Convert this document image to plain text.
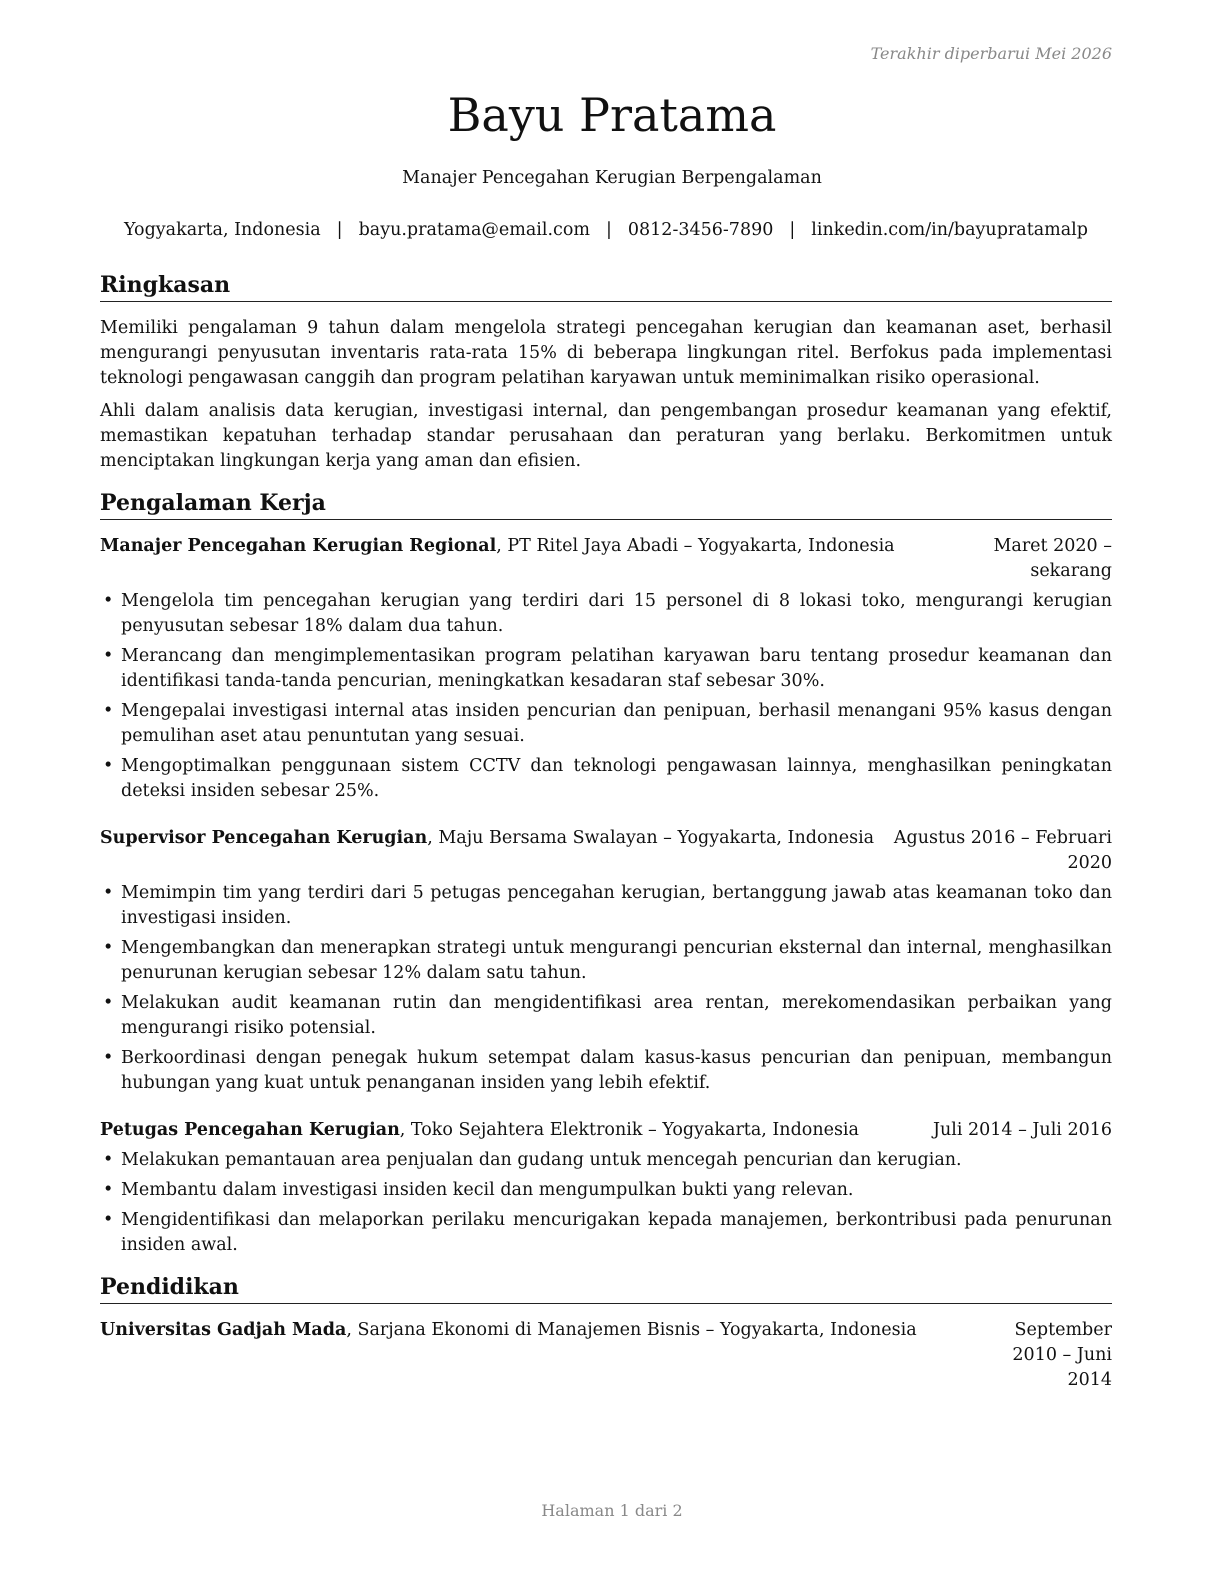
Terakhir diperbarui Mei 2026
Bayu Pratama
Manajer Pencegahan Kerugian Berpengalaman
Yogyakarta, Indonesia | bayu.pratama@email.com | 0812-3456-7890 | linkedin.com/in/bayupratamalp
Ringkasan

Memiliki pengalaman 9 tahun dalam mengelola strategi pencegahan kerugian dan keamanan aset, berhasil mengurangi penyusutan inventaris rata-rata 15% di beberapa lingkungan ritel. Berfokus pada implementasi teknologi pengawasan canggih dan program pelatihan karyawan untuk meminimalkan risiko operasional.

Ahli dalam analisis data kerugian, investigasi internal, dan pengembangan prosedur keamanan yang efektif, memastikan kepatuhan terhadap standar perusahaan dan peraturan yang berlaku. Berkomitmen untuk menciptakan lingkungan kerja yang aman dan efisien.

Pengalaman Kerja
Manajer Pencegahan Kerugian Regional, PT Ritel Jaya Abadi – Yogyakarta, Indonesia	Maret 2020 – sekarang
• Mengelola tim pencegahan kerugian yang terdiri dari 15 personel di 8 lokasi toko, mengurangi kerugian penyusutan sebesar 18% dalam dua tahun.
• Merancang dan mengimplementasikan program pelatihan karyawan baru tentang prosedur keamanan dan identifikasi tanda-tanda pencurian, meningkatkan kesadaran staf sebesar 30%.
• Mengepalai investigasi internal atas insiden pencurian dan penipuan, berhasil menangani 95% kasus dengan pemulihan aset atau penuntutan yang sesuai.
• Mengoptimalkan penggunaan sistem CCTV dan teknologi pengawasan lainnya, menghasilkan peningkatan deteksi insiden sebesar 25%.
Supervisor Pencegahan Kerugian, Maju Bersama Swalayan – Yogyakarta, Indonesia	Agustus 2016 – Februari 2020
• Memimpin tim yang terdiri dari 5 petugas pencegahan kerugian, bertanggung jawab atas keamanan toko dan investigasi insiden.
• Mengembangkan dan menerapkan strategi untuk mengurangi pencurian eksternal dan internal, menghasilkan penurunan kerugian sebesar 12% dalam satu tahun.
• Melakukan audit keamanan rutin dan mengidentifikasi area rentan, merekomendasikan perbaikan yang mengurangi risiko potensial.
• Berkoordinasi dengan penegak hukum setempat dalam kasus-kasus pencurian dan penipuan, membangun hubungan yang kuat untuk penanganan insiden yang lebih efektif.
Petugas Pencegahan Kerugian, Toko Sejahtera Elektronik – Yogyakarta, Indonesia	Juli 2014 – Juli 2016
• Melakukan pemantauan area penjualan dan gudang untuk mencegah pencurian dan kerugian.
• Membantu dalam investigasi insiden kecil dan mengumpulkan bukti yang relevan.
• Mengidentifikasi dan melaporkan perilaku mencurigakan kepada manajemen, berkontribusi pada penurunan insiden awal.
Pendidikan
Universitas Gadjah Mada, Sarjana Ekonomi di Manajemen Bisnis – Yogyakarta, Indonesia	September 2010 – Juni 2014
Halaman 1 dari 2
